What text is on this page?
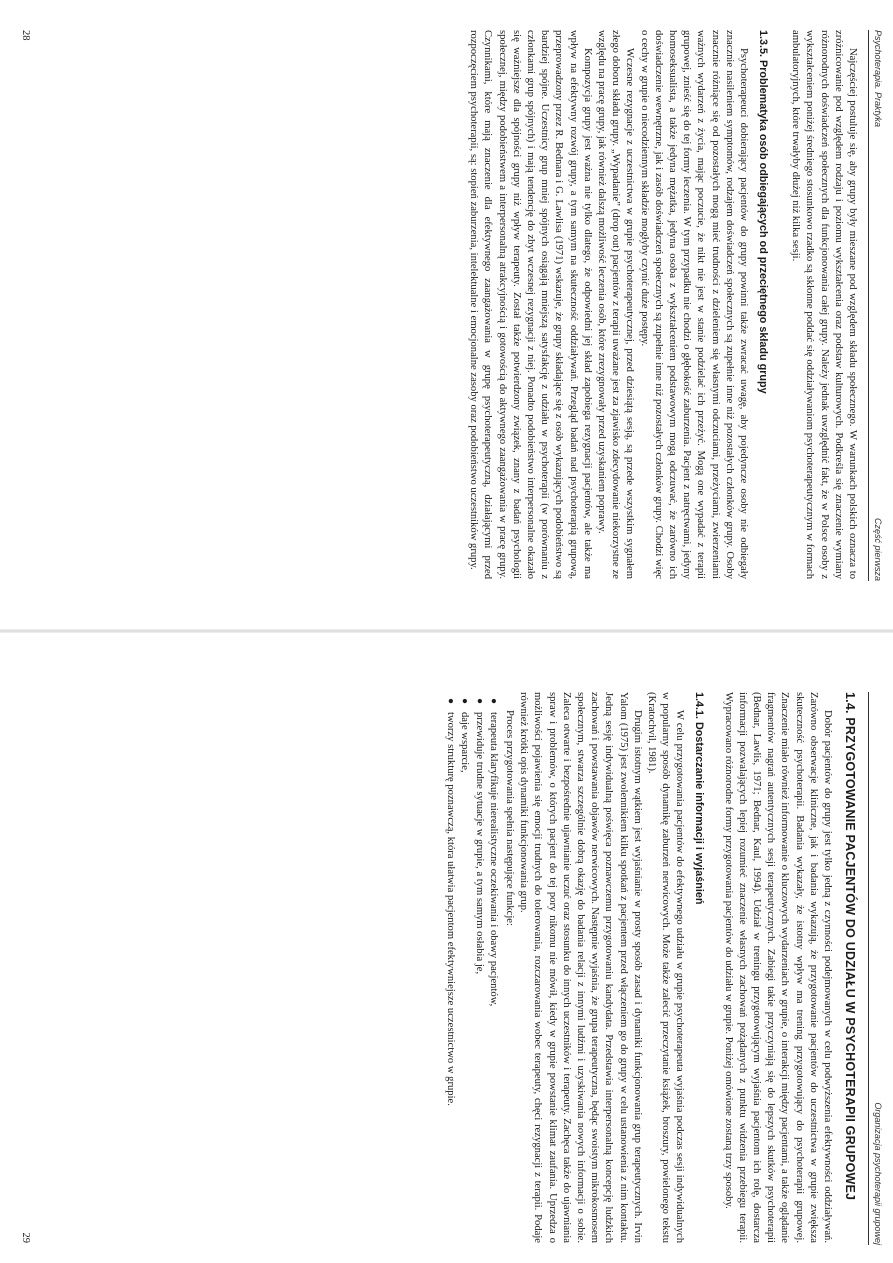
Psychoterapia. Praktyka
Część pierwsza

Najczęściej postuluje się, aby grupy były mieszane pod względem składu społecznego. W warunkach polskich oznacza to zróżnicowanie pod względem rodzaju i poziomu wykształcenia oraz podstaw kulturowych. Podkreśla się znaczenie wymiany różnorodnych doświadczeń społecznych dla funkcjonowania całej grupy. Należy jednak uwzględnić fakt, że w Polsce osoby z wykształceniem poniżej średniego stosunkowo rzadko są skłonne poddać się oddziaływaniom psychoterapeutycznym w formach ambulatoryjnych, które trwałyby dłużej niż kilka sesji.

1.3.5. Problematyka osób odbiegających od przeciętnego składu grupy

Psychoterapeuci dobierający pacjentów do grupy powinni także zwracać uwagę, aby pojedyncze osoby nie odbiegały znacznie nasileniem symptomów, rodzajem doświadczeń społecznych są zupełnie inne niż pozostałych członków grupy. Osoby znacznie różniące się od pozostałych mogą mieć trudności z dzieleniem się własnymi odczuciami, przeżyciami, zwierzeniami ważnych wydarzeń z życia, mając poczucie, że nikt nie jest w stanie podzielać ich przeżyć. Mogą one wypadać z terapii grupowej, znieść się do tej formy leczenia. W tym przypadku nie chodzi o głębokość zaburzenia. Pacjent z natręctwami, jedyny homoseksualista, a także jedyna mężatka, jedyna osoba z wykształceniem podstawowym mogą odczuwać, że zarówno ich doświadczenie wewnętrzne, jak i zasób doświadczeń społecznych są zupełnie inne niż pozostałych członków grupy. Chodzi więc o cechy w grupie o niecodziennym składzie mogłyby czynić duże postępy.

Wczesne rezygnacje z uczestnictwa w grupie psychoterapeutycznej, przed dziesiątą sesją, są przede wszystkim sygnałem złego doboru składu grupy. „Wypadanie” (drop out) pacjentów z terapii uważane jest za zjawisko zdecydowanie niekorzystne ze względu na pracę grupy, jak również dalszą możliwość leczenia osób, które zrezygnowały przed uzyskaniem poprawy.

Kompozycja grupy jest ważna nie tylko dlatego, że odpowiedni jej skład zapobiega rezygnacji pacjentów, ale także ma wpływ na efektywny rozwój grupy, a tym samym na skuteczność oddziaływań. Przegląd badań nad psychoterapią grupową, przeprowadzony przez R. Bednara i G. Lawlisa (1971) wskazuje, że grupy składające się z osób wykazujących podobieństwo są bardziej spójne. Uczestnicy grup mniej spójnych osiągają mniejszą satysfakcję z udziału w psychoterapii (w porównaniu z członkami grup spójnych) i mają tendencję do zbyt wczesnej rezygnacji z niej. Ponadto podobieństwo interpersonalne okazało się ważniejsze dla spójności grupy niż wpływ terapeuty. Został także potwierdzony związek, znany z badań psychologii społecznej, między podobieństwem a interpersonalną atrakcyjnością i gotowością do aktywnego zaangażowania w pracę grupy. Czynnikami, które mają znaczenie dla efektywnego zaangażowania w grupę psychoterapeutyczną, działającymi przed rozpoczęciem psychoterapii, są: stopień zaburzenia, intelektualne i emocjonalne zasoby oraz podobieństwo uczestników grupy.

28
Organizacja psychoterapii grupowej
1.4. PRZYGOTOWANIE PACJENTÓW DO UDZIAŁU W PSYCHOTERAPII GRUPOWEJ

Dobór pacjentów do grupy jest tylko jedną z czynności podejmowanych w celu podwyższenia efektywności oddziaływań. Zarówno obserwacje kliniczne, jak i badania wykazują, że przygotowanie pacjentów do uczestnictwa w grupie zwiększa skuteczność psychoterapii. Badania wykazały, że istotny wpływ ma trening przygotowujący do psychoterapii grupowej. Znaczenie miało również informowanie o kluczowych wydarzeniach w grupie, o interakcji między pacjentami, a także oglądanie fragmentów nagrań autentycznych sesji terapeutycznych. Zabiegi takie przyczyniają się do lepszych skutków psychoterapii (Bednar, Lawlis, 1971; Bednar, Kaul, 1994). Udział w treningu przygotowującym wyjaśnia pacjentom ich rolę, dostarcza informacji pozwalających lepiej rozumieć znaczenie własnych zachowań pożądanych z punktu widzenia przebiegu terapii. Wypracowano różnorodne formy przygotowania pacjentów do udziału w grupie. Poniżej omówione zostaną trzy sposoby.

1.4.1. Dostarczanie informacji i wyjaśnień

W celu przygotowania pacjentów do efektywnego udziału w grupie psychoterapeuta wyjaśnia podczas sesji indywidualnych w popularny sposób dynamikę zaburzeń nerwicowych. Może także zalecić przeczytanie książek, broszury, powielonego tekstu (Kratochvil, 1981).

Drugim istotnym wątkiem jest wyjaśnianie w prosty sposób zasad i dynamiki funkcjonowania grup terapeutycznych. Irvin Yalom (1975) jest zwolennikiem kilku spotkań z pacjentem przed włączeniem go do grupy w celu ustanowienia z nim kontaktu. Jedną sesję indywidualną poświęca poznawczemu przygotowaniu kandydata. Przedstawia interpersonalną koncepcję ludzkich zachowań i powstawania objawów nerwicowych. Następnie wyjaśnia, że grupa terapeutyczna, będąc swoistym mikrokosmosem społecznym, stwarza szczególnie dobrą okazję do badania relacji z innymi ludźmi i uzyskiwania nowych informacji o sobie. Zaleca otwarte i bezpośrednie ujawnianie uczuć oraz stosunku do innych uczestników i terapeuty. Zachęca także do ujawniania spraw i problemów, o których pacjent do tej pory nikomu nie mówił, kiedy w grupie powstanie klimat zaufania. Uprzedza o możliwości pojawienia się emocji trudnych do tolerowania, rozczarowania wobec terapeuty, chęci rezygnacji z terapii. Podaje również krótki opis dynamiki funkcjonowania grup.

Proces przygotowania spełnia następujące funkcje:

●
terapeuta klaryfikuje nierealistyczne oczekiwania i obawy pacjentów,
●
przewiduje trudne sytuacje w grupie, a tym samym osłabia je,
●
daje wsparcie,
●
tworzy strukturę poznawczą, która ułatwia pacjentom efektywniejsze uczestnictwo w grupie.
29
